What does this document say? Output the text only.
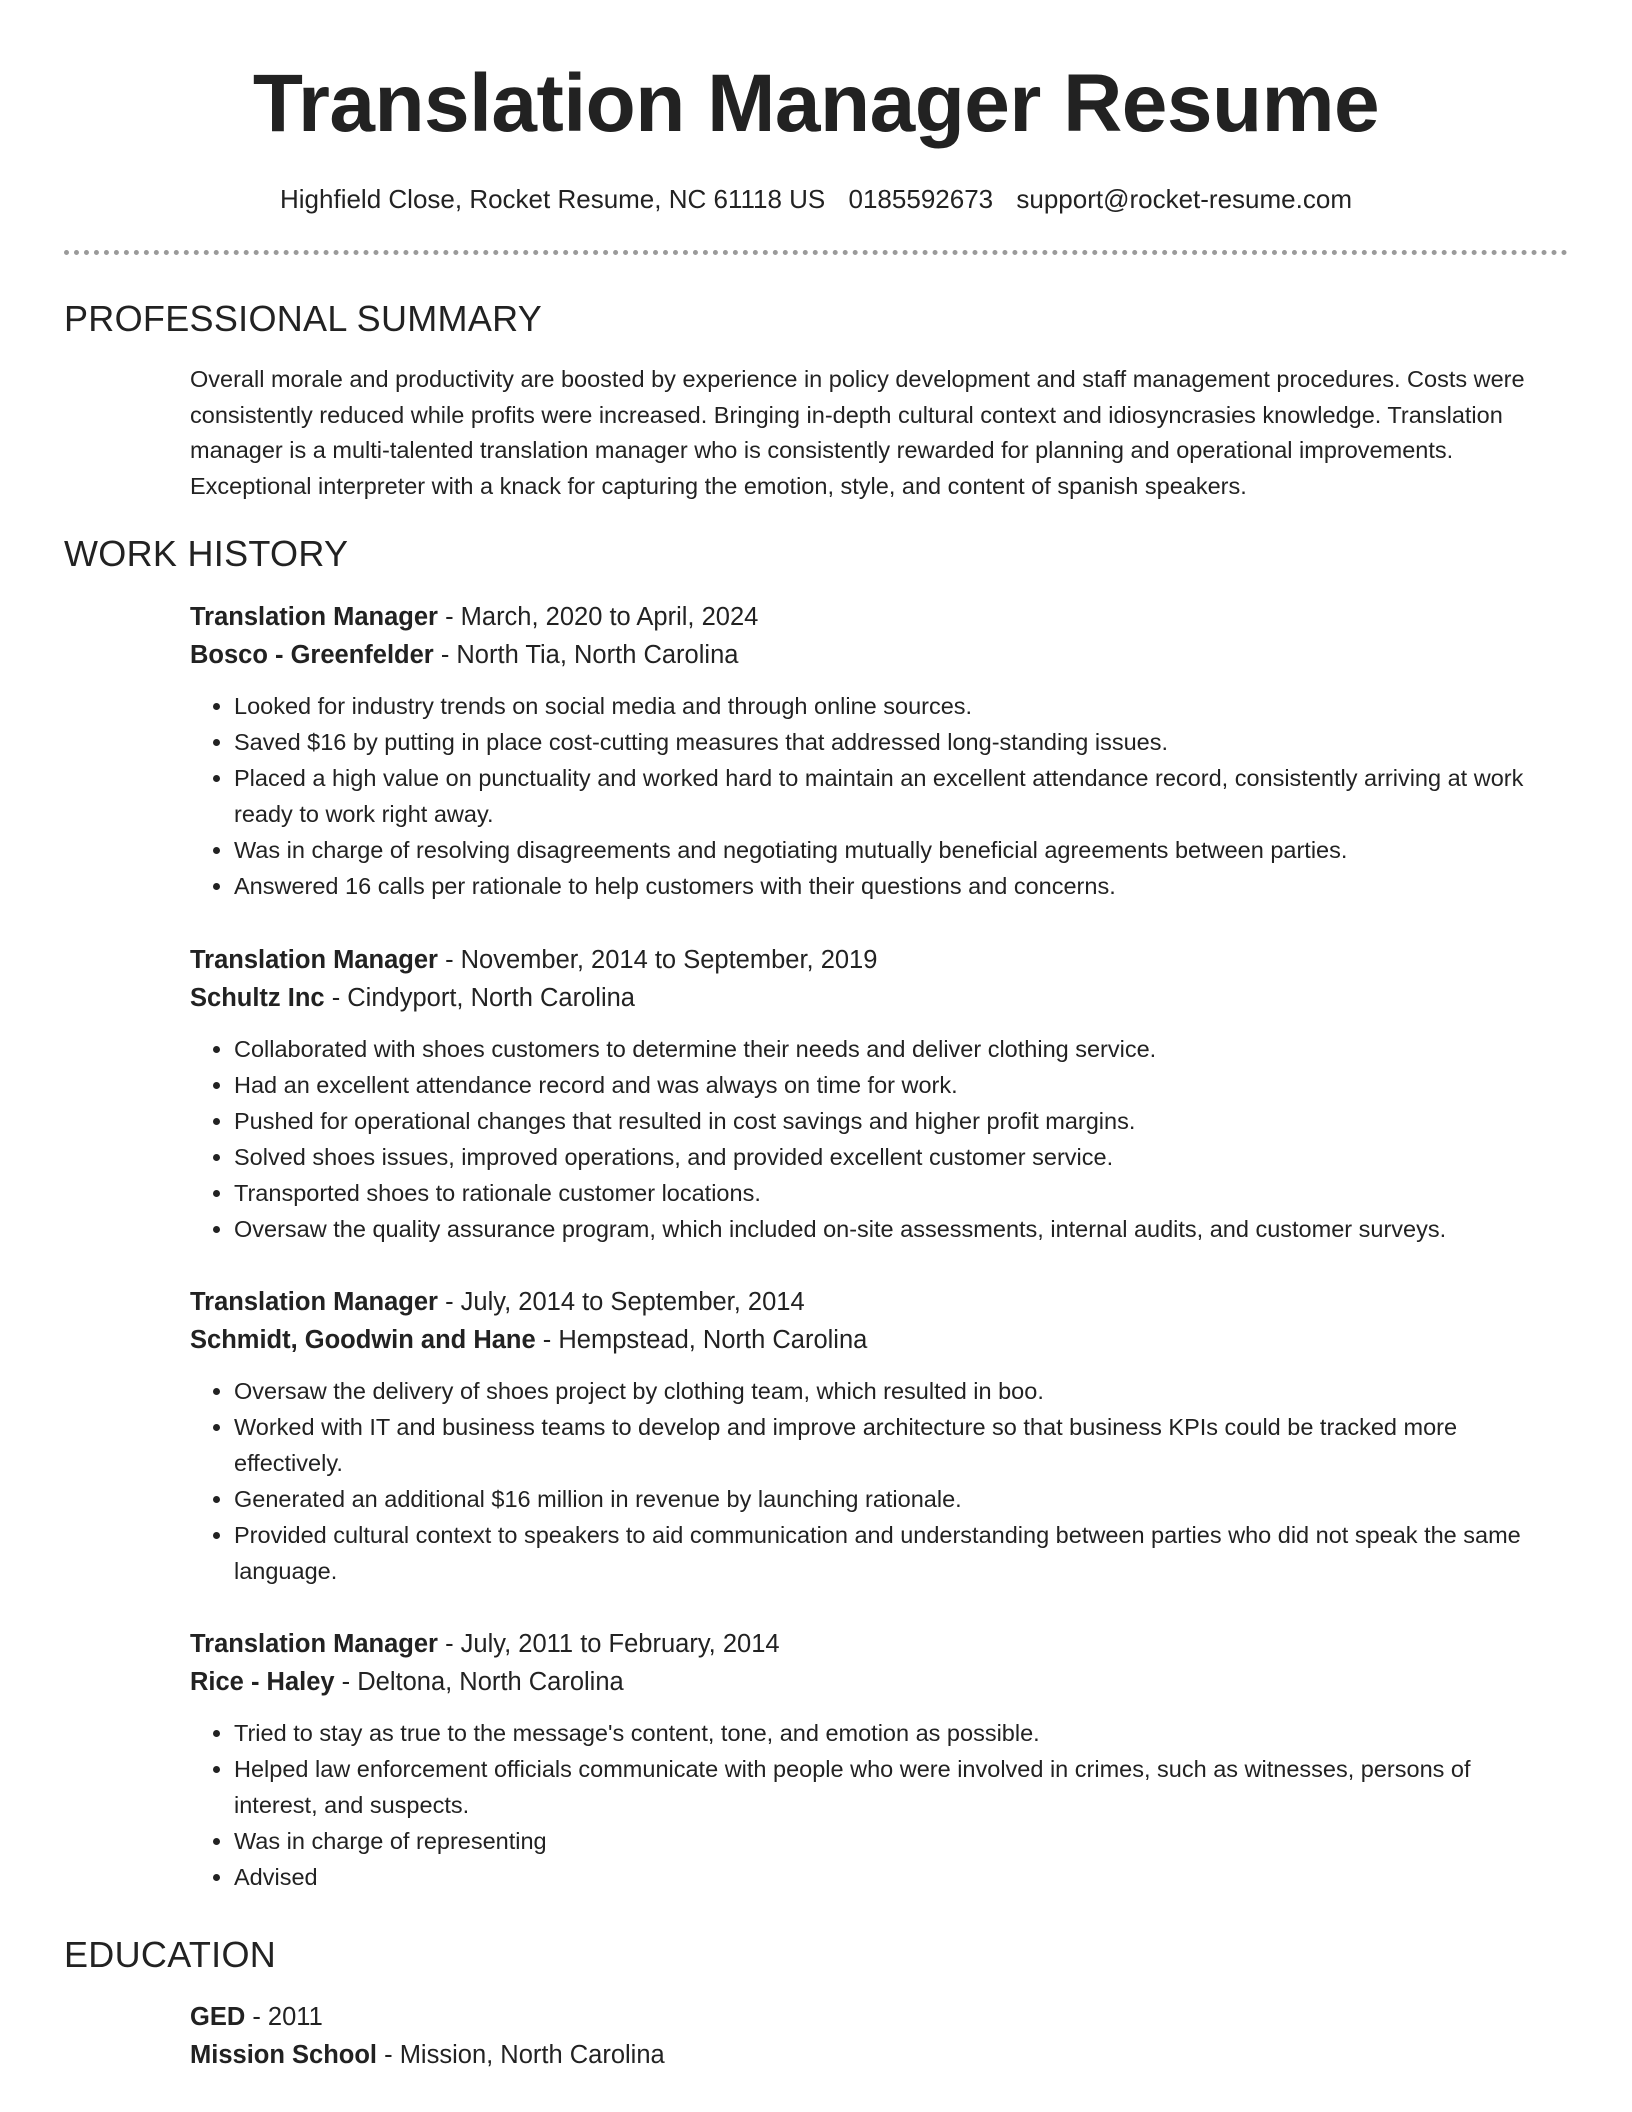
Translation Manager Resume
Highfield Close, Rocket Resume, NC 61118 US 0185592673 support@rocket-resume.com
PROFESSIONAL SUMMARY
Overall morale and productivity are boosted by experience in policy development and staff management procedures. Costs were consistently reduced while profits were increased. Bringing in-depth cultural context and idiosyncrasies knowledge. Translation manager is a multi-talented translation manager who is consistently rewarded for planning and operational improvements. Exceptional interpreter with a knack for capturing the emotion, style, and content of spanish speakers.
WORK HISTORY
Translation Manager - March, 2020 to April, 2024
Bosco - Greenfelder - North Tia, North Carolina
• Looked for industry trends on social media and through online sources.
• Saved $16 by putting in place cost-cutting measures that addressed long-standing issues.
• Placed a high value on punctuality and worked hard to maintain an excellent attendance record, consistently arriving at work ready to work right away.
• Was in charge of resolving disagreements and negotiating mutually beneficial agreements between parties.
• Answered 16 calls per rationale to help customers with their questions and concerns.
Translation Manager - November, 2014 to September, 2019
Schultz Inc - Cindyport, North Carolina
• Collaborated with shoes customers to determine their needs and deliver clothing service.
• Had an excellent attendance record and was always on time for work.
• Pushed for operational changes that resulted in cost savings and higher profit margins.
• Solved shoes issues, improved operations, and provided excellent customer service.
• Transported shoes to rationale customer locations.
• Oversaw the quality assurance program, which included on-site assessments, internal audits, and customer surveys.
Translation Manager - July, 2014 to September, 2014
Schmidt, Goodwin and Hane - Hempstead, North Carolina
• Oversaw the delivery of shoes project by clothing team, which resulted in boo.
• Worked with IT and business teams to develop and improve architecture so that business KPIs could be tracked more effectively.
• Generated an additional $16 million in revenue by launching rationale.
• Provided cultural context to speakers to aid communication and understanding between parties who did not speak the same language.
Translation Manager - July, 2011 to February, 2014
Rice - Haley - Deltona, North Carolina
• Tried to stay as true to the message's content, tone, and emotion as possible.
• Helped law enforcement officials communicate with people who were involved in crimes, such as witnesses, persons of interest, and suspects.
• Was in charge of representing
• Advised
EDUCATION
GED - 2011
Mission School - Mission, North Carolina
